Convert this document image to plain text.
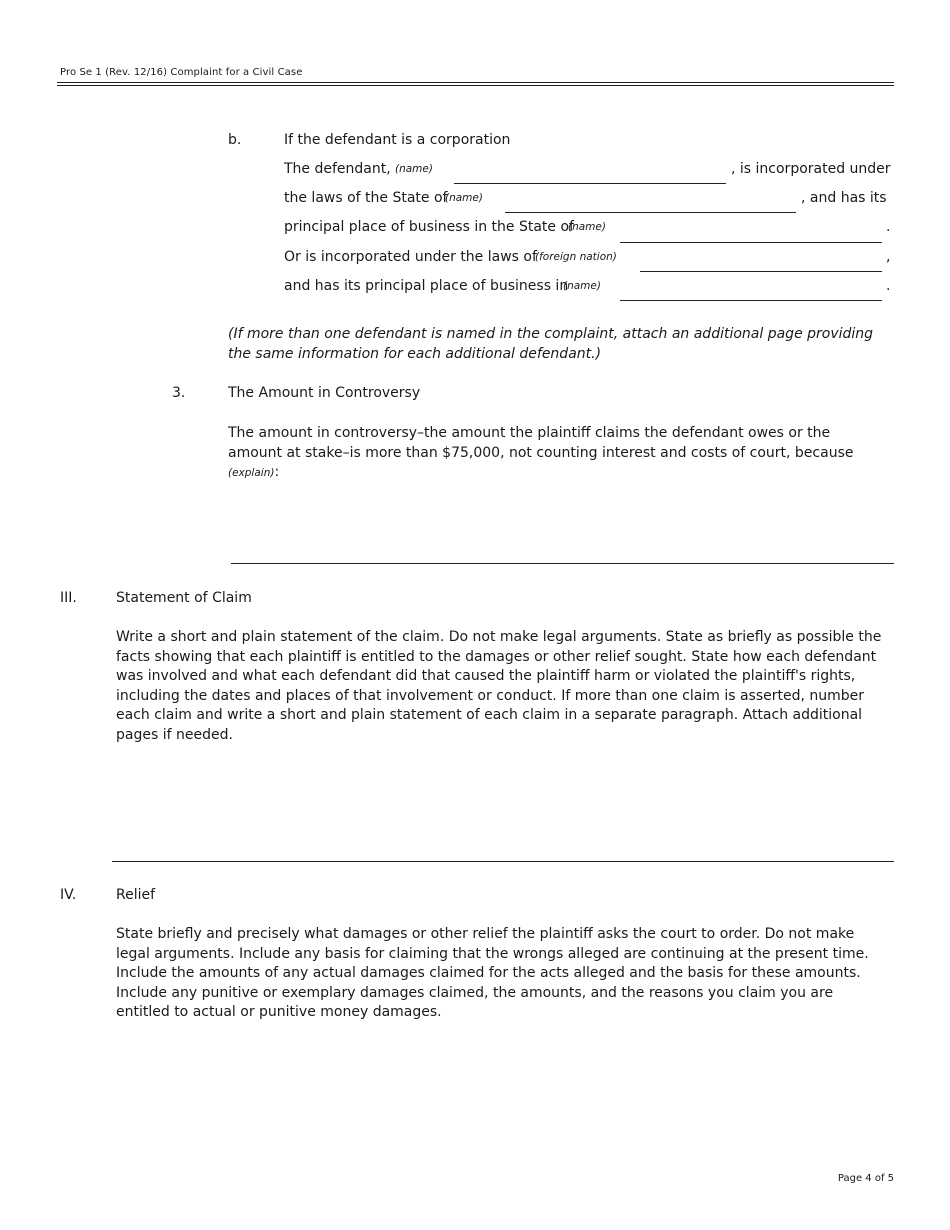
Pro Se 1 (Rev. 12/16) Complaint for a Civil Case
b.	If the defendant is a corporation
The defendant, (name)	, is incorporated under
the laws of the State of
(name)	, and has its
principal place of business in the State of
(name)	.
Or is incorporated under the laws of
(foreign nation)	,
and has its principal place of business in
(name)	.
(If more than one defendant is named in the complaint, attach an additional page providing the same information for each additional defendant.)
3.	The Amount in Controversy
The amount in controversy–the amount the plaintiff claims the defendant owes or the amount at stake–is more than $75,000, not counting interest and costs of court, because (explain):
III.	Statement of Claim
Write a short and plain statement of the claim. Do not make legal arguments. State as briefly as possible the facts showing that each plaintiff is entitled to the damages or other relief sought. State how each defendant was involved and what each defendant did that caused the plaintiff harm or violated the plaintiff's rights, including the dates and places of that involvement or conduct. If more than one claim is asserted, number each claim and write a short and plain statement of each claim in a separate paragraph. Attach additional pages if needed.
IV.	Relief
State briefly and precisely what damages or other relief the plaintiff asks the court to order. Do not make legal arguments. Include any basis for claiming that the wrongs alleged are continuing at the present time. Include the amounts of any actual damages claimed for the acts alleged and the basis for these amounts. Include any punitive or exemplary damages claimed, the amounts, and the reasons you claim you are entitled to actual or punitive money damages.
Page 4 of 5
